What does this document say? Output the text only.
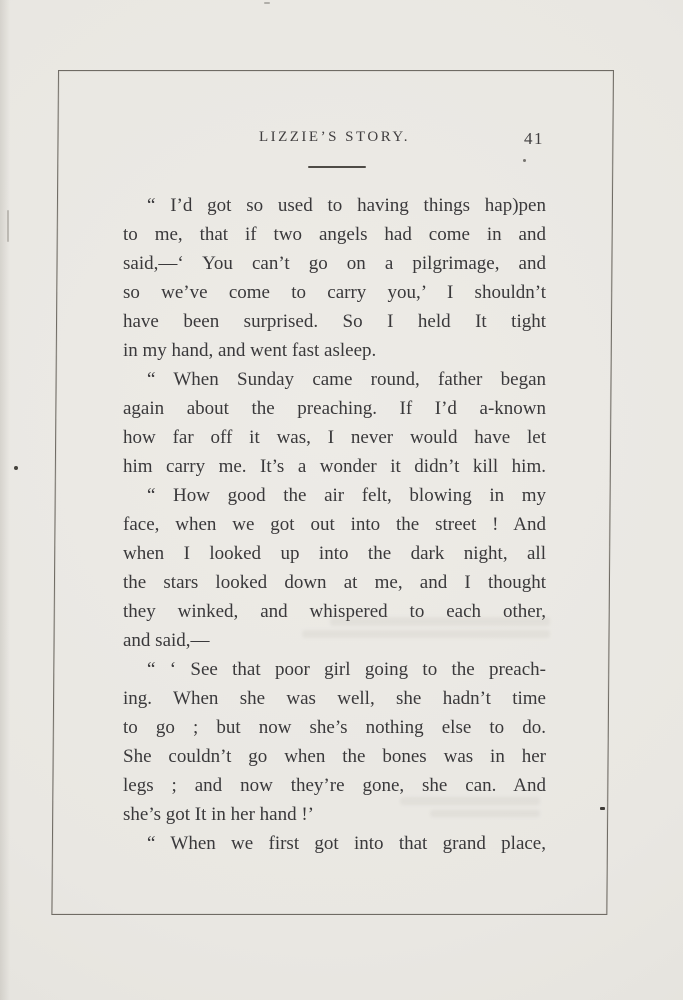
LIZZIE’S STORY.	41
“ I’d got so used to having things hap)pen
to me, that if two angels had come in and
said,—‘ You can’t go on a pilgrimage, and
so we’ve come to carry you,’ I shouldn’t
have been surprised. So I held It tight
in my hand, and went fast asleep.
“ When Sunday came round, father began
again about the preaching. If I’d a-known
how far off it was, I never would have let
him carry me. It’s a wonder it didn’t kill him.
“ How good the air felt, blowing in my
face, when we got out into the street ! And
when I looked up into the dark night, all
the stars looked down at me, and I thought
they winked, and whispered to each other,
and said,—
“ ‘ See that poor girl going to the preach-
ing. When she was well, she hadn’t time
to go ; but now she’s nothing else to do.
She couldn’t go when the bones was in her
legs ; and now they’re gone, she can. And
she’s got It in her hand !’
“ When we first got into that grand place,
